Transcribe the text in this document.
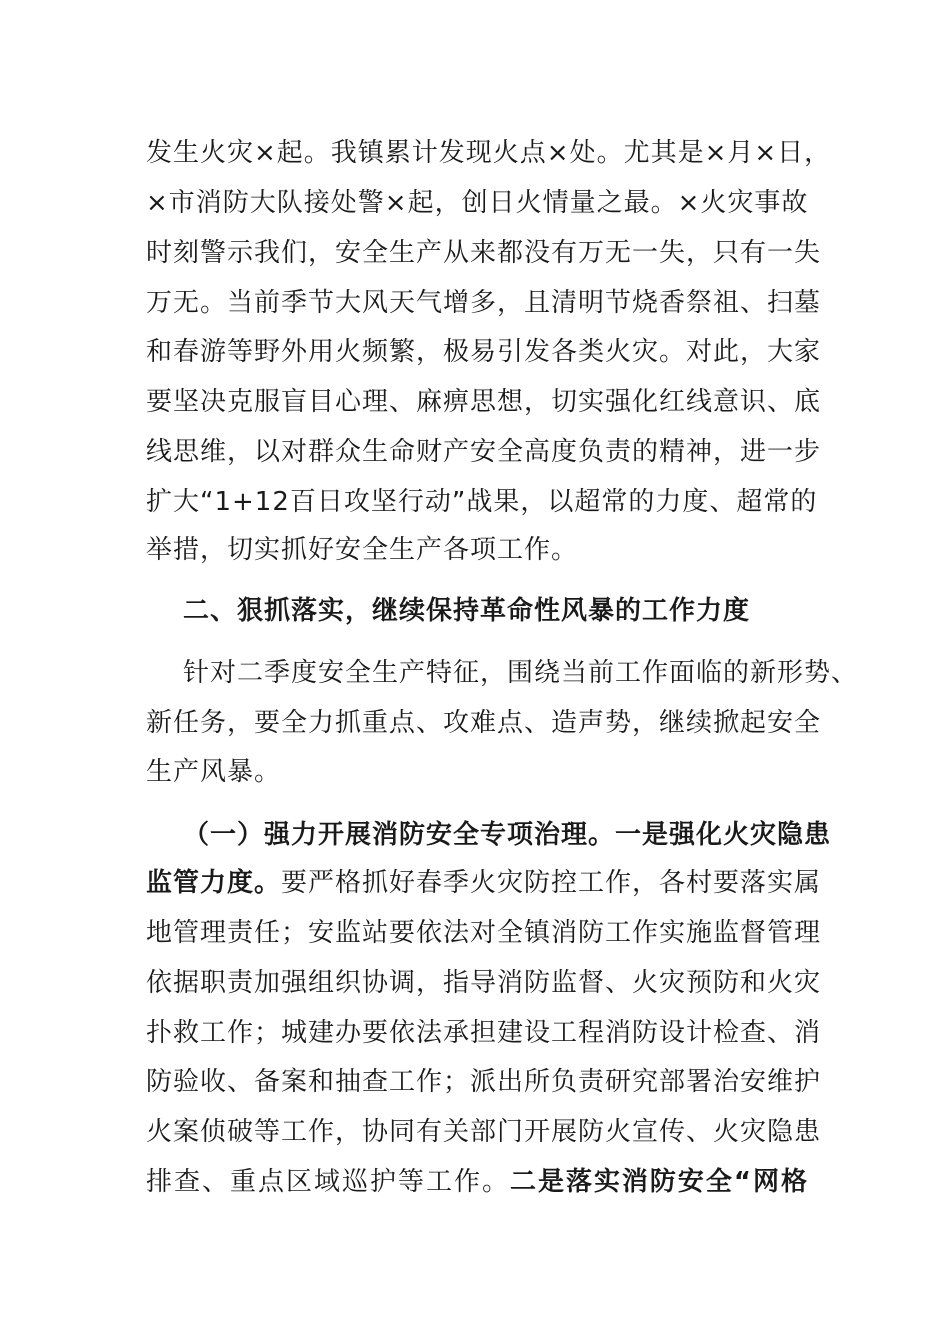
发生火灾×起。我镇累计发现火点×处。尤其是×月×日，
×市消防大队接处警×起，创日火情量之最。×火灾事故
时刻警示我们，安全生产从来都没有万无一失，只有一失
万无。当前季节大风天气增多，且清明节烧香祭祖、扫墓
和春游等野外用火频繁，极易引发各类火灾。对此，大家
要坚决克服盲目心理、麻痹思想，切实强化红线意识、底
线思维，以对群众生命财产安全高度负责的精神，进一步
扩大“1+12百日攻坚行动”战果，以超常的力度、超常的
举措，切实抓好安全生产各项工作。
二、狠抓落实，继续保持革命性风暴的工作力度
针对二季度安全生产特征，围绕当前工作面临的新形势、
新任务，要全力抓重点、攻难点、造声势，继续掀起安全
生产风暴。
（一）强力开展消防安全专项治理。一是强化火灾隐患
监管力度。要严格抓好春季火灾防控工作，各村要落实属
地管理责任；安监站要依法对全镇消防工作实施监督管理
依据职责加强组织协调，指导消防监督、火灾预防和火灾
扑救工作；城建办要依法承担建设工程消防设计检查、消
防验收、备案和抽查工作；派出所负责研究部署治安维护
火案侦破等工作，协同有关部门开展防火宣传、火灾隐患
排查、重点区域巡护等工作。二是落实消防安全“网格
